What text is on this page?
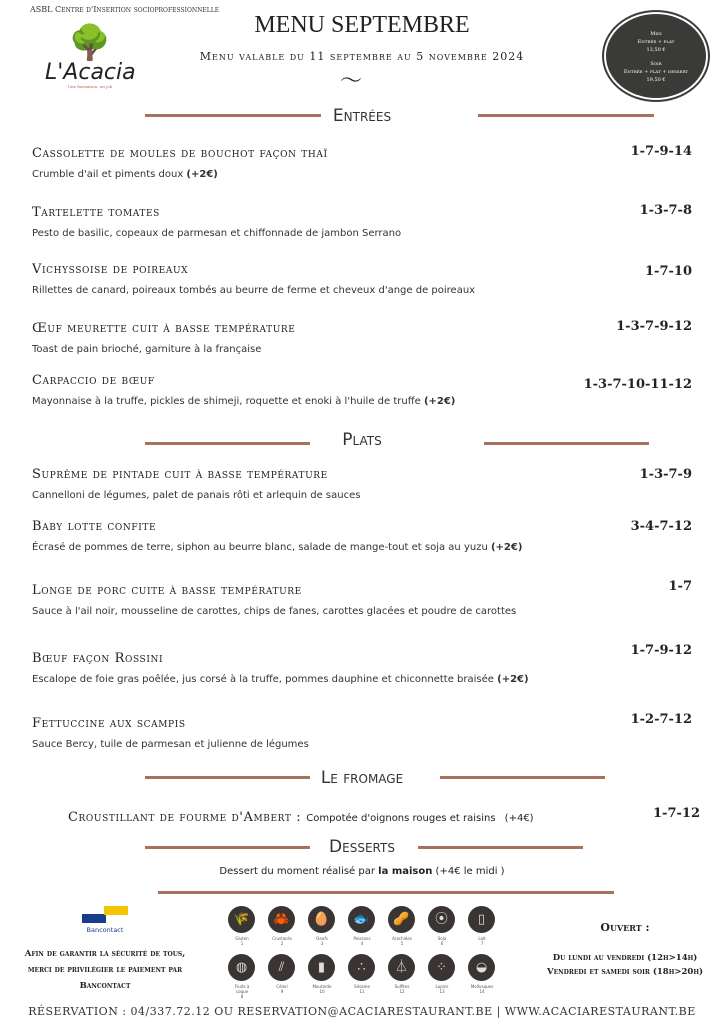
ASBL Centre d'Insertion socioprofessionnelle
🌳
L'Acacia
Une formation, un job
MENU SEPTEMBRE
Menu valable du 11 septembre au 5 novembre 2024
〜
Midi
Entrée + plat
13,50 €
Soir
Entrée + plat + dessert
19,50 €
Entrées
Cassolette de moules de bouchot façon thaï
Crumble d'ail et piments doux (+2€)
1-7-9-14
Tartelette tomates
Pesto de basilic, copeaux de parmesan et chiffonnade de jambon Serrano
1-3-7-8
Vichyssoise de poireaux
Rillettes de canard, poireaux tombés au beurre de ferme et cheveux d'ange de poireaux
1-7-10
Œuf meurette cuit à basse température
Toast de pain brioché, garniture à la française
1-3-7-9-12
Carpaccio de bœuf
Mayonnaise à la truffe, pickles de shimeji, roquette et enoki à l'huile de truffe (+2€)
1-3-7-10-11-12
Plats
Suprême de pintade cuit à basse température
Cannelloni de légumes, palet de panais rôti et arlequin de sauces
1-3-7-9
Baby lotte confite
Écrasé de pommes de terre, siphon au beurre blanc, salade de mange-tout et soja au yuzu (+2€)
3-4-7-12
Longe de porc cuite à basse température
Sauce à l'ail noir, mousseline de carottes, chips de fanes, carottes glacées et poudre de carottes
1-7
Bœuf façon Rossini
Escalope de foie gras poêlée, jus corsé à la truffe, pommes dauphine et chiconnette braisée (+2€)
1-7-9-12
Fettuccine aux scampis
Sauce Bercy, tuile de parmesan et julienne de légumes
1-2-7-12
Le fromage
Croustillant de fourme d'Ambert : Compotée d'oignons rouges et raisins (+4€)	1-7-12
Desserts
Dessert du moment réalisé par la maison (+4€ le midi )
Bancontact
Afin de garantir la sécurité de tous, merci de privilégier le paiement par Bancontact
🌾
Gluten
1
🦀
Crustacés
2
🥚
Oeufs
3
🐟
Poissons
4
🥜
Arachides
5
⦿
Soja
6
▯
Lait
7
◍
Fruits à coque
8
⫽
Céleri
9
▮
Moutarde
10
∴
Sésame
11
⏃
Sulfites
12
⁘
Lupins
13
◒
Mollusques
14
Ouvert :
Du lundi au vendredi (12h>14h)
Vendredi et samedi soir (18h>20h)
RÉSERVATION : 04/337.72.12 OU RESERVATION@ACACIARESTAURANT.BE | WWW.ACACIARESTAURANT.BE
